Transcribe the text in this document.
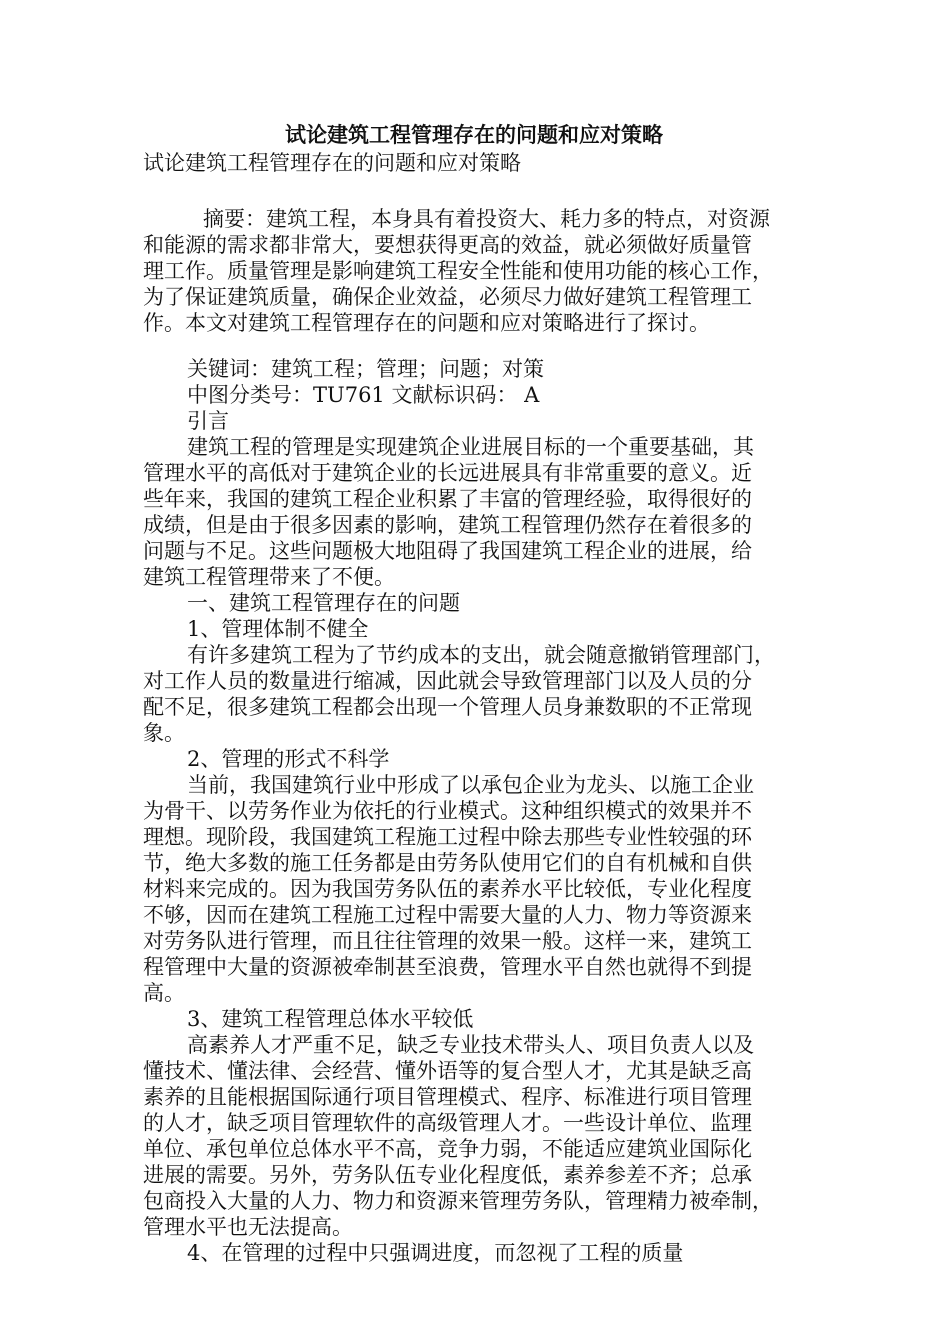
试论建筑工程管理存在的问题和应对策略
试论建筑工程管理存在的问题和应对策略
摘要：建筑工程，本身具有着投资大、耗力多的特点，对资源
和能源的需求都非常大，要想获得更高的效益，就必须做好质量管
理工作。质量管理是影响建筑工程安全性能和使用功能的核心工作，
为了保证建筑质量，确保企业效益，必须尽力做好建筑工程管理工
作。本文对建筑工程管理存在的问题和应对策略进行了探讨。
关键词：建筑工程；管理；问题；对策
中图分类号：TU761 文献标识码： A
引言
建筑工程的管理是实现建筑企业进展目标的一个重要基础，其
管理水平的高低对于建筑企业的长远进展具有非常重要的意义。近
些年来，我国的建筑工程企业积累了丰富的管理经验，取得很好的
成绩，但是由于很多因素的影响，建筑工程管理仍然存在着很多的
问题与不足。这些问题极大地阻碍了我国建筑工程企业的进展，给
建筑工程管理带来了不便。
一、建筑工程管理存在的问题
1、管理体制不健全
有许多建筑工程为了节约成本的支出，就会随意撤销管理部门，
对工作人员的数量进行缩减，因此就会导致管理部门以及人员的分
配不足，很多建筑工程都会出现一个管理人员身兼数职的不正常现
象。
2、管理的形式不科学
当前，我国建筑行业中形成了以承包企业为龙头、以施工企业
为骨干、以劳务作业为依托的行业模式。这种组织模式的效果并不
理想。现阶段，我国建筑工程施工过程中除去那些专业性较强的环
节，绝大多数的施工任务都是由劳务队使用它们的自有机械和自供
材料来完成的。因为我国劳务队伍的素养水平比较低，专业化程度
不够，因而在建筑工程施工过程中需要大量的人力、物力等资源来
对劳务队进行管理，而且往往管理的效果一般。这样一来，建筑工
程管理中大量的资源被牵制甚至浪费，管理水平自然也就得不到提
高。
3、建筑工程管理总体水平较低
高素养人才严重不足，缺乏专业技术带头人、项目负责人以及
懂技术、懂法律、会经营、懂外语等的复合型人才，尤其是缺乏高
素养的且能根据国际通行项目管理模式、程序、标准进行项目管理
的人才，缺乏项目管理软件的高级管理人才。一些设计单位、监理
单位、承包单位总体水平不高，竞争力弱，不能适应建筑业国际化
进展的需要。另外，劳务队伍专业化程度低，素养参差不齐；总承
包商投入大量的人力、物力和资源来管理劳务队，管理精力被牵制，
管理水平也无法提高。
4、在管理的过程中只强调进度，而忽视了工程的质量
